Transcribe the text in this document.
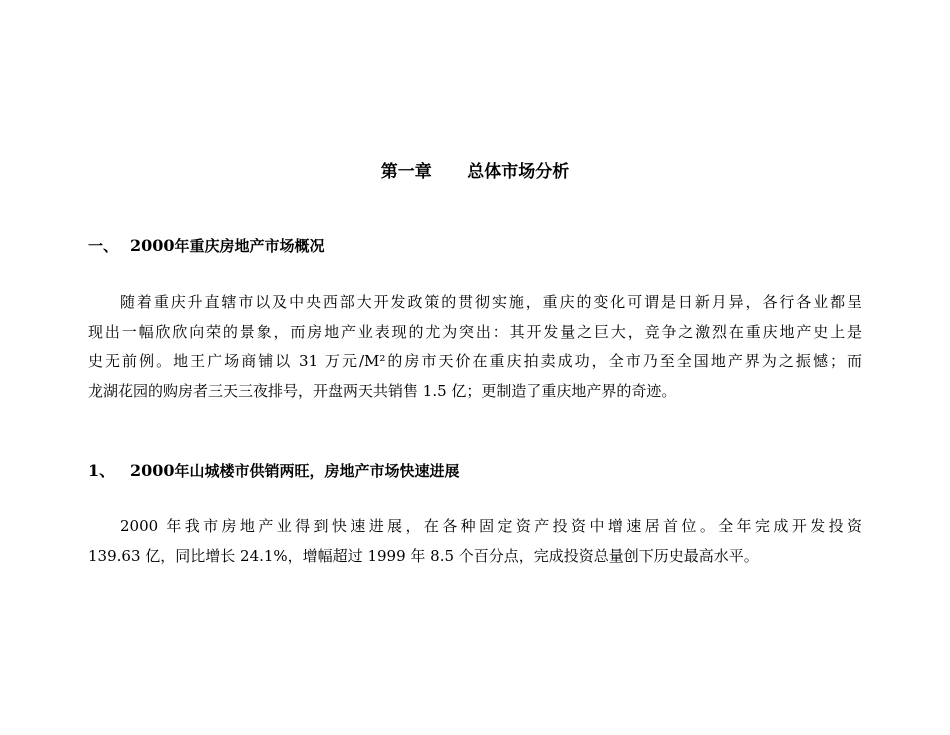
第一章      总体市场分析
一、 2000年重庆房地产市场概况
随着重庆升直辖市以及中央西部大开发政策的贯彻实施，重庆的变化可谓是日新月异，各行各业都呈
现出一幅欣欣向荣的景象，而房地产业表现的尤为突出：其开发量之巨大，竞争之激烈在重庆地产史上是
史无前例。地王广场商铺以 31 万元/M²的房市天价在重庆拍卖成功，全市乃至全国地产界为之振憾；而
龙湖花园的购房者三天三夜排号，开盘两天共销售 1.5 亿；更制造了重庆地产界的奇迹。
1、 2000年山城楼市供销两旺，房地产市场快速进展
2000 年我市房地产业得到快速进展，在各种固定资产投资中增速居首位。全年完成开发投资
139.63 亿，同比增长 24.1%，增幅超过 1999 年 8.5 个百分点，完成投资总量创下历史最高水平。
